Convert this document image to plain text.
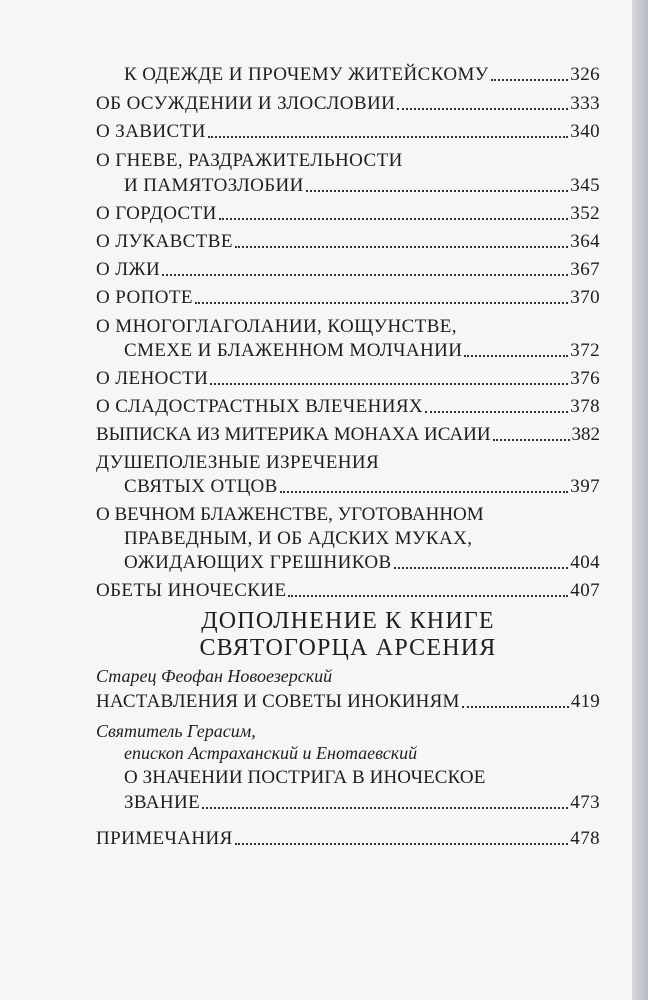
К ОДЕЖДЕ И ПРОЧЕМУ ЖИТЕЙСКОМУ	326
ОБ ОСУЖДЕНИИ И ЗЛОСЛОВИИ	333
О ЗАВИСТИ	340
О ГНЕВЕ, РАЗДРАЖИТЕЛЬНОСТИ
И ПАМЯТОЗЛОБИИ	345
О ГОРДОСТИ	352
О ЛУКАВСТВЕ	364
О ЛЖИ	367
О РОПОТЕ	370
О МНОГОГЛАГОЛАНИИ, КОЩУНСТВЕ,
СМЕХЕ И БЛАЖЕННОМ МОЛЧАНИИ	372
О ЛЕНОСТИ	376
О СЛАДОСТРАСТНЫХ ВЛЕЧЕНИЯХ	378
ВЫПИСКА ИЗ МИТЕРИКА МОНАХА ИСАИИ	382
ДУШЕПОЛЕЗНЫЕ ИЗРЕЧЕНИЯ
СВЯТЫХ ОТЦОВ	397
О ВЕЧНОМ БЛАЖЕНСТВЕ, УГОТОВАННОМ
ПРАВЕДНЫМ, И ОБ АДСКИХ МУКАХ,
ОЖИДАЮЩИХ ГРЕШНИКОВ	404
ОБЕТЫ ИНОЧЕСКИЕ	407
ДОПОЛНЕНИЕ К КНИГЕ
СВЯТОГОРЦА АРСЕНИЯ
Старец Феофан Новоезерский
НАСТАВЛЕНИЯ И СОВЕТЫ ИНОКИНЯМ	419
Святитель Герасим,
епископ Астраханский и Енотаевский
О ЗНАЧЕНИИ ПОСТРИГА В ИНОЧЕСКОЕ
ЗВАНИЕ	473
ПРИМЕЧАНИЯ	478
